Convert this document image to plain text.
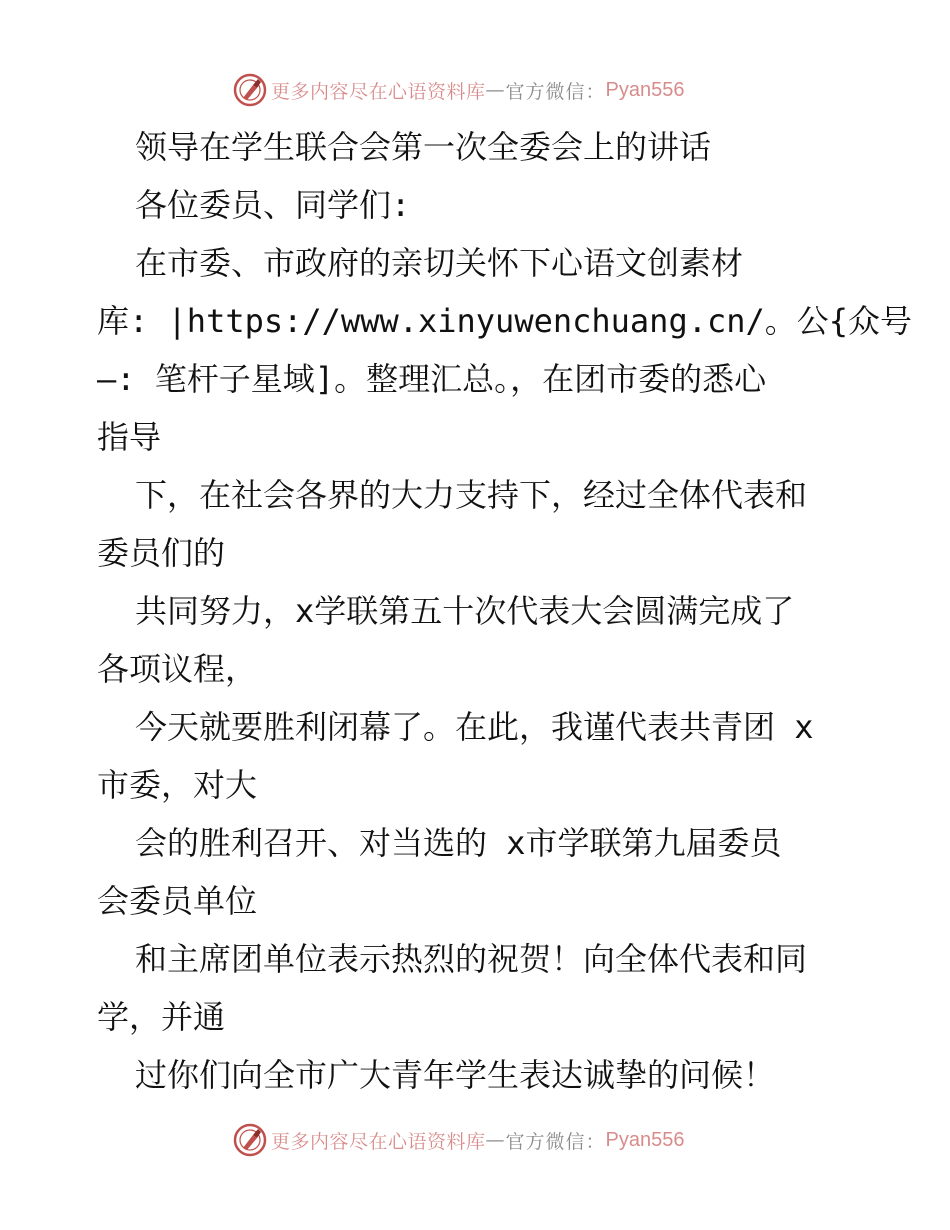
更多内容尽在心语资料库 — 官方微信： Pyan556
领导在学生联合会第一次全委会上的讲话
各位委员、同学们:
在市委、市政府的亲切关怀下心语文创素材
库: |https://www.xinyuwenchuang.cn/。公{众号
—: 笔杆子星域]。整理汇总。，在团市委的悉心
指导
下，在社会各界的大力支持下，经过全体代表和
委员们的
共同努力，x学联第五十次代表大会圆满完成了
各项议程，
今天就要胜利闭幕了。在此，我谨代表共青团 x
市委，对大
会的胜利召开、对当选的 x市学联第九届委员
会委员单位
和主席团单位表示热烈的祝贺！向全体代表和同
学，并通
过你们向全市广大青年学生表达诚挚的问候！
更多内容尽在心语资料库 — 官方微信： Pyan556
